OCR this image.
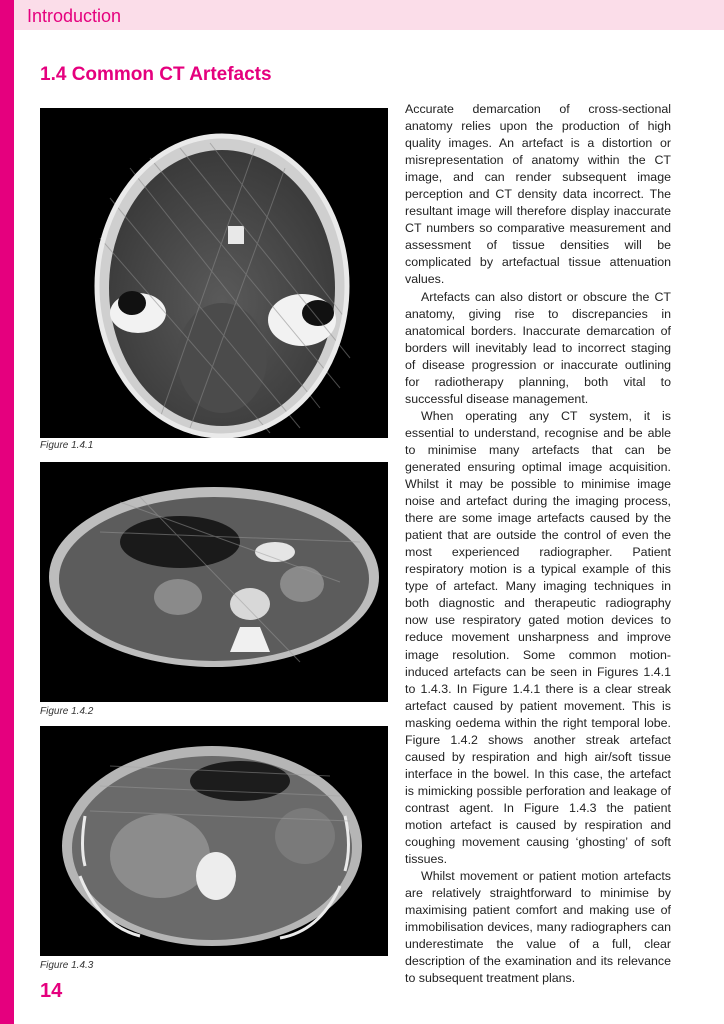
Introduction
1.4 Common CT Artefacts
Figure 1.4.1
Figure 1.4.2
Figure 1.4.3

Accurate demarcation of cross-sectional anatomy relies upon the production of high quality images. An artefact is a distortion or misrepresentation of anatomy within the CT image, and can render subsequent image perception and CT density data incorrect. The resultant image will therefore display inaccurate CT numbers so comparative measurement and assessment of tissue densities will be complicated by artefactual tissue attenuation values.

Artefacts can also distort or obscure the CT anatomy, giving rise to discrepancies in anatomical borders. Inaccurate demarcation of borders will inevitably lead to incorrect staging of disease progression or inaccurate outlining for radiotherapy planning, both vital to successful disease management.

When operating any CT system, it is essential to understand, recognise and be able to minimise many artefacts that can be generated ensuring optimal image acquisition. Whilst it may be possible to minimise image noise and artefact during the imaging process, there are some image artefacts caused by the patient that are outside the control of even the most experienced radiographer. Patient respiratory motion is a typical example of this type of artefact. Many imaging techniques in both diagnostic and therapeutic radiography now use respiratory gated motion devices to reduce movement unsharpness and improve image resolution. Some common motion-induced artefacts can be seen in Figures 1.4.1 to 1.4.3. In Figure 1.4.1 there is a clear streak artefact caused by patient movement. This is masking oedema within the right temporal lobe. Figure 1.4.2 shows another streak artefact caused by respiration and high air/soft tissue interface in the bowel. In this case, the artefact is mimicking possible perforation and leakage of contrast agent. In Figure 1.4.3 the patient motion artefact is caused by respiration and coughing movement causing ‘ghosting’ of soft tissues.

Whilst movement or patient motion artefacts are relatively straightforward to minimise by maximising patient comfort and making use of immobilisation devices, many radiographers can underestimate the value of a full, clear description of the examination and its relevance to subsequent treatment plans.

14
